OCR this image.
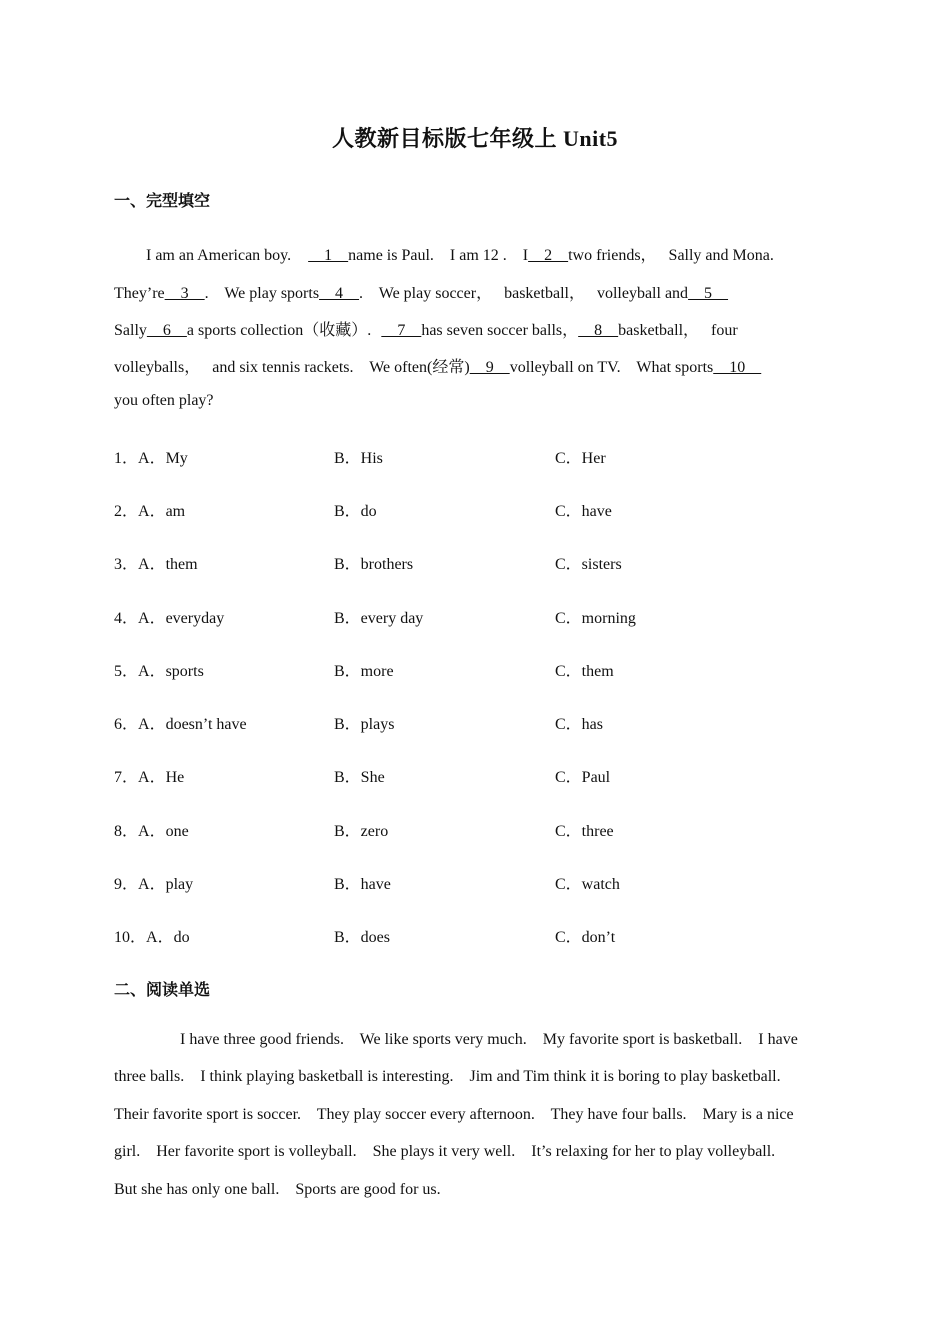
人教新目标版七年级上 Unit5
一、完型填空
I am an American boy.    1    name is Paul.    I am 12 .    I    2    two friends，   Sally and Mona.
They’re    3    .    We play sports    4    .    We play soccer，   basketball，   volleyball and    5
Sally    6    a sports collection（收藏）.    7    has seven soccer balls，    8    basketball，   four
volleyballs，   and six tennis rackets.    We often(经常)    9    volleyball on TV.    What sports    10
you often play?
1．A．My	B．His	C．Her
2．A．am	B．do	C．have
3．A．them	B．brothers	C．sisters
4．A．everyday	B．every day	C．morning
5．A．sports	B．more	C．them
6．A．doesn’t have	B．plays	C．has
7．A．He	B．She	C．Paul
8．A．one	B．zero	C．three
9．A．play	B．have	C．watch
10．A．do	B．does	C．don’t
二、阅读单选
I have three good friends.    We like sports very much.    My favorite sport is basketball.    I have
three balls.    I think playing basketball is interesting.    Jim and Tim think it is boring to play basketball.
Their favorite sport is soccer.    They play soccer every afternoon.    They have four balls.    Mary is a nice
girl.    Her favorite sport is volleyball.    She plays it very well.    It’s relaxing for her to play volleyball.
But she has only one ball.    Sports are good for us.
